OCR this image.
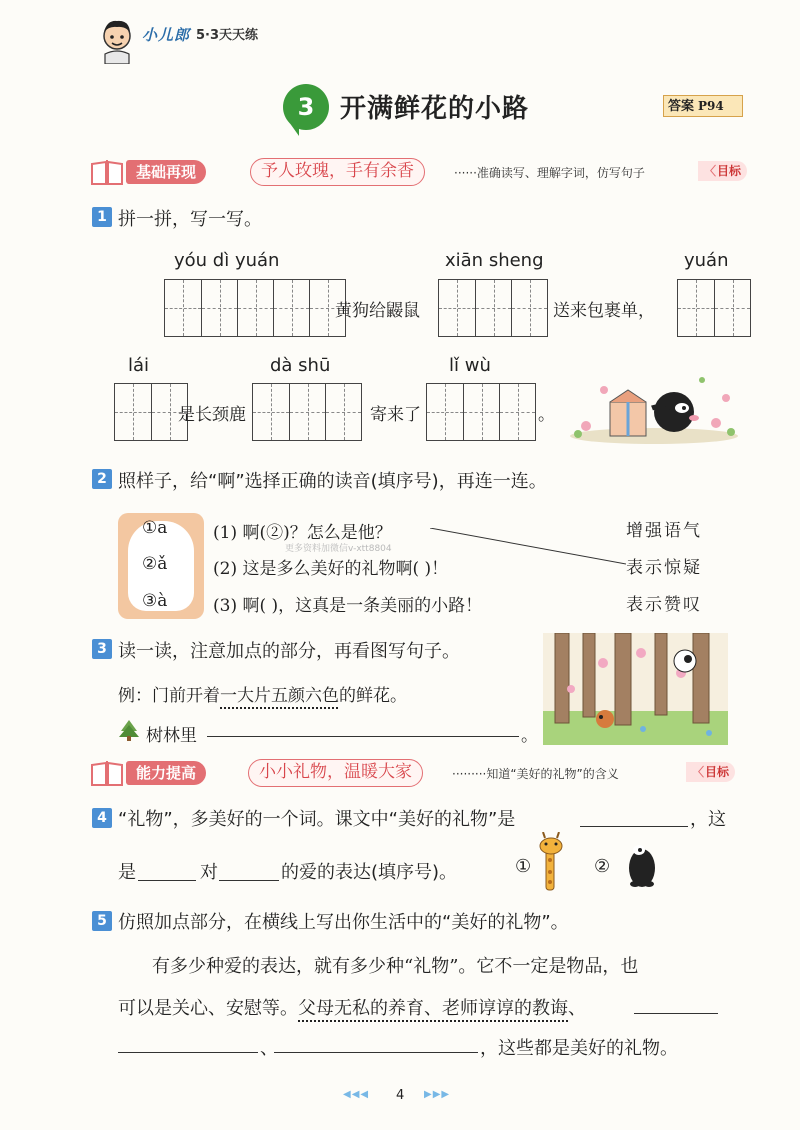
小儿郎 5·3天天练
3 开满鲜花的小路	答案 P94
基础再现	予人玫瑰，手有余香	······准确读写、理解字词，仿写句子	〈 目标
1 拼一拼，写一写。
yóu dì yuán
黄狗给鼹鼠
xiān sheng
送来包裹单，
yuán
lái
是长颈鹿
dà shū
寄来了
lǐ wù
。
2 照样子，给“啊”选择正确的读音(填序号)，再连一连。
①a
②ǎ
③à
(1) 啊(②)？怎么是他？
(2) 这是多么美好的礼物啊( )！
(3) 啊( )，这真是一条美丽的小路！
更多资料加微信v-xtt8804
增强语气
表示惊疑
表示赞叹
3 读一读，注意加点的部分，再看图写句子。
例：门前开着一大片五颜六色的鲜花。
树林里	。
能力提高	小小礼物，温暖大家	·········知道“美好的礼物”的含义	〈 目标
4 “礼物”，多美好的一个词。课文中“美好的礼物”是	，这
是	对	的爱的表达(填序号)。	①	②
5 仿照加点部分，在横线上写出你生活中的“美好的礼物”。
有多少种爱的表达，就有多少种“礼物”。它不一定是物品，也
可以是关心、安慰等。父母无私的养育、老师谆谆的教诲、
、	，这些都是美好的礼物。
◀◀◀ 4 ▶▶▶
